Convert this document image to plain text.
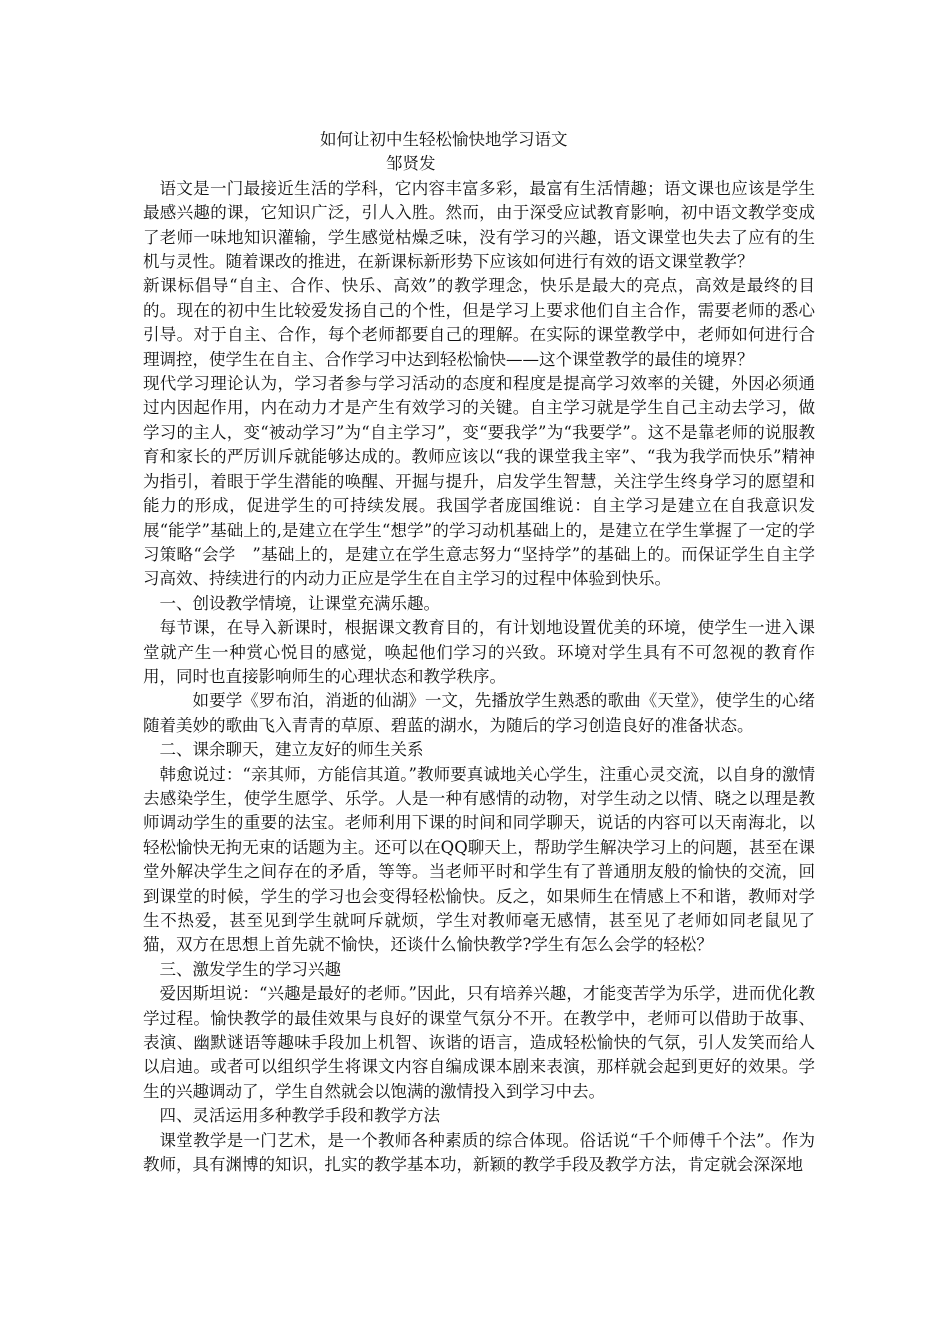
如何让初中生轻松愉快地学习语文
邹贤发

语文是一门最接近生活的学科，它内容丰富多彩，最富有生活情趣；语文课也应该是学生最感兴趣的课，它知识广泛，引人入胜。然而，由于深受应试教育影响，初中语文教学变成了老师一味地知识灌输，学生感觉枯燥乏味，没有学习的兴趣，语文课堂也失去了应有的生机与灵性。随着课改的推进，在新课标新形势下应该如何进行有效的语文课堂教学？

新课标倡导“自主、合作、快乐、高效”的教学理念，快乐是最大的亮点，高效是最终的目的。现在的初中生比较爱发扬自己的个性，但是学习上要求他们自主合作，需要老师的悉心引导。对于自主、合作，每个老师都要自己的理解。在实际的课堂教学中，老师如何进行合理调控，使学生在自主、合作学习中达到轻松愉快——这个课堂教学的最佳的境界？

现代学习理论认为，学习者参与学习活动的态度和程度是提高学习效率的关键，外因必须通过内因起作用，内在动力才是产生有效学习的关键。自主学习就是学生自己主动去学习，做学习的主人，变“被动学习”为“自主学习”，变“要我学”为“我要学”。这不是靠老师的说服教育和家长的严厉训斥就能够达成的。教师应该以“我的课堂我主宰”、“我为我学而快乐”精神为指引，着眼于学生潜能的唤醒、开掘与提升，启发学生智慧，关注学生终身学习的愿望和能力的形成，促进学生的可持续发展。我国学者庞国维说：自主学习是建立在自我意识发展“能学”基础上的,是建立在学生“想学”的学习动机基础上的，是建立在学生掌握了一定的学习策略“会学　”基础上的，是建立在学生意志努力“坚持学”的基础上的。而保证学生自主学习高效、持续进行的内动力正应是学生在自主学习的过程中体验到快乐。

一、创设教学情境，让课堂充满乐趣。

每节课，在导入新课时，根据课文教育目的，有计划地设置优美的环境，使学生一进入课堂就产生一种赏心悦目的感觉，唤起他们学习的兴致。环境对学生具有不可忽视的教育作用，同时也直接影响师生的心理状态和教学秩序。

如要学《罗布泊，消逝的仙湖》一文，先播放学生熟悉的歌曲《天堂》，使学生的心绪随着美妙的歌曲飞入青青的草原、碧蓝的湖水，为随后的学习创造良好的准备状态。

二、课余聊天，建立友好的师生关系

韩愈说过：“亲其师，方能信其道。”教师要真诚地关心学生，注重心灵交流，以自身的激情去感染学生，使学生愿学、乐学。人是一种有感情的动物，对学生动之以情、晓之以理是教师调动学生的重要的法宝。老师利用下课的时间和同学聊天，说话的内容可以天南海北，以轻松愉快无拘无束的话题为主。还可以在QQ聊天上，帮助学生解决学习上的问题，甚至在课堂外解决学生之间存在的矛盾，等等。当老师平时和学生有了普通朋友般的愉快的交流，回到课堂的时候，学生的学习也会变得轻松愉快。反之，如果师生在情感上不和谐，教师对学生不热爱，甚至见到学生就呵斥就烦，学生对教师毫无感情，甚至见了老师如同老鼠见了猫，双方在思想上首先就不愉快，还谈什么愉快教学?学生有怎么会学的轻松？

三、激发学生的学习兴趣

爱因斯坦说：“兴趣是最好的老师。”因此，只有培养兴趣，才能变苦学为乐学，进而优化教学过程。愉快教学的最佳效果与良好的课堂气氛分不开。在教学中，老师可以借助于故事、表演、幽默谜语等趣味手段加上机智、诙谐的语言，造成轻松愉快的气氛，引人发笑而给人以启迪。或者可以组织学生将课文内容自编成课本剧来表演，那样就会起到更好的效果。学生的兴趣调动了，学生自然就会以饱满的激情投入到学习中去。

四、灵活运用多种教学手段和教学方法

课堂教学是一门艺术，是一个教师各种素质的综合体现。俗话说“千个师傅千个法”。作为教师，具有渊博的知识，扎实的教学基本功，新颖的教学手段及教学方法，肯定就会深深地
